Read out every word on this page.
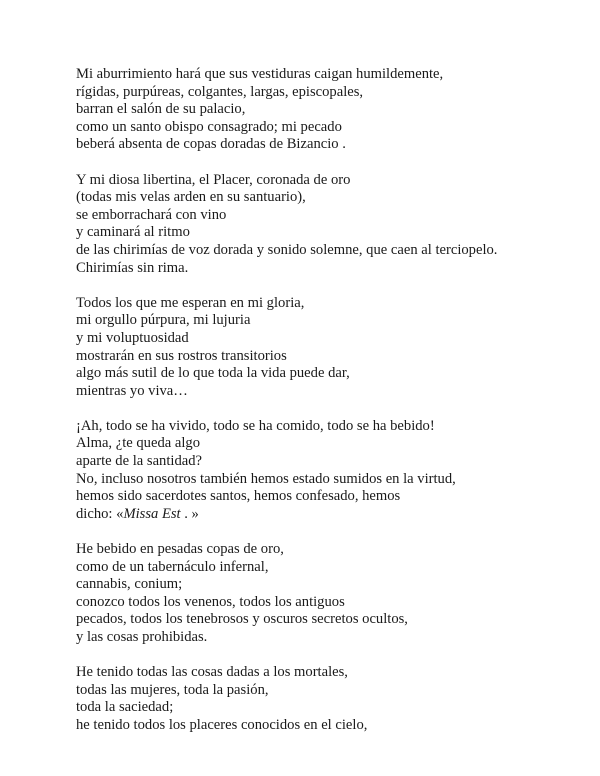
Mi aburrimiento hará que sus vestiduras caigan humildemente,
rígidas, purpúreas, colgantes, largas, episcopales,
barran el salón de su palacio,
como un santo obispo consagrado; mi pecado
beberá absenta de copas doradas de Bizancio .
Y mi diosa libertina, el Placer, coronada de oro
(todas mis velas arden en su santuario),
se emborrachará con vino
y caminará al ritmo
de las chirimías de voz dorada y sonido solemne, que caen al terciopelo.
Chirimías sin rima.
Todos los que me esperan en mi gloria,
mi orgullo púrpura, mi lujuria
y mi voluptuosidad
mostrarán en sus rostros transitorios
algo más sutil de lo que toda la vida puede dar,
mientras yo viva…
¡Ah, todo se ha vivido, todo se ha comido, todo se ha bebido!
Alma, ¿te queda algo
aparte de la santidad?
No, incluso nosotros también hemos estado sumidos en la virtud,
hemos sido sacerdotes santos, hemos confesado, hemos
dicho: «Missa Est . »
He bebido en pesadas copas de oro,
como de un tabernáculo infernal,
cannabis, conium;
conozco todos los venenos, todos los antiguos
pecados, todos los tenebrosos y oscuros secretos ocultos,
y las cosas prohibidas.
He tenido todas las cosas dadas a los mortales,
todas las mujeres, toda la pasión,
toda la saciedad;
he tenido todos los placeres conocidos en el cielo,
